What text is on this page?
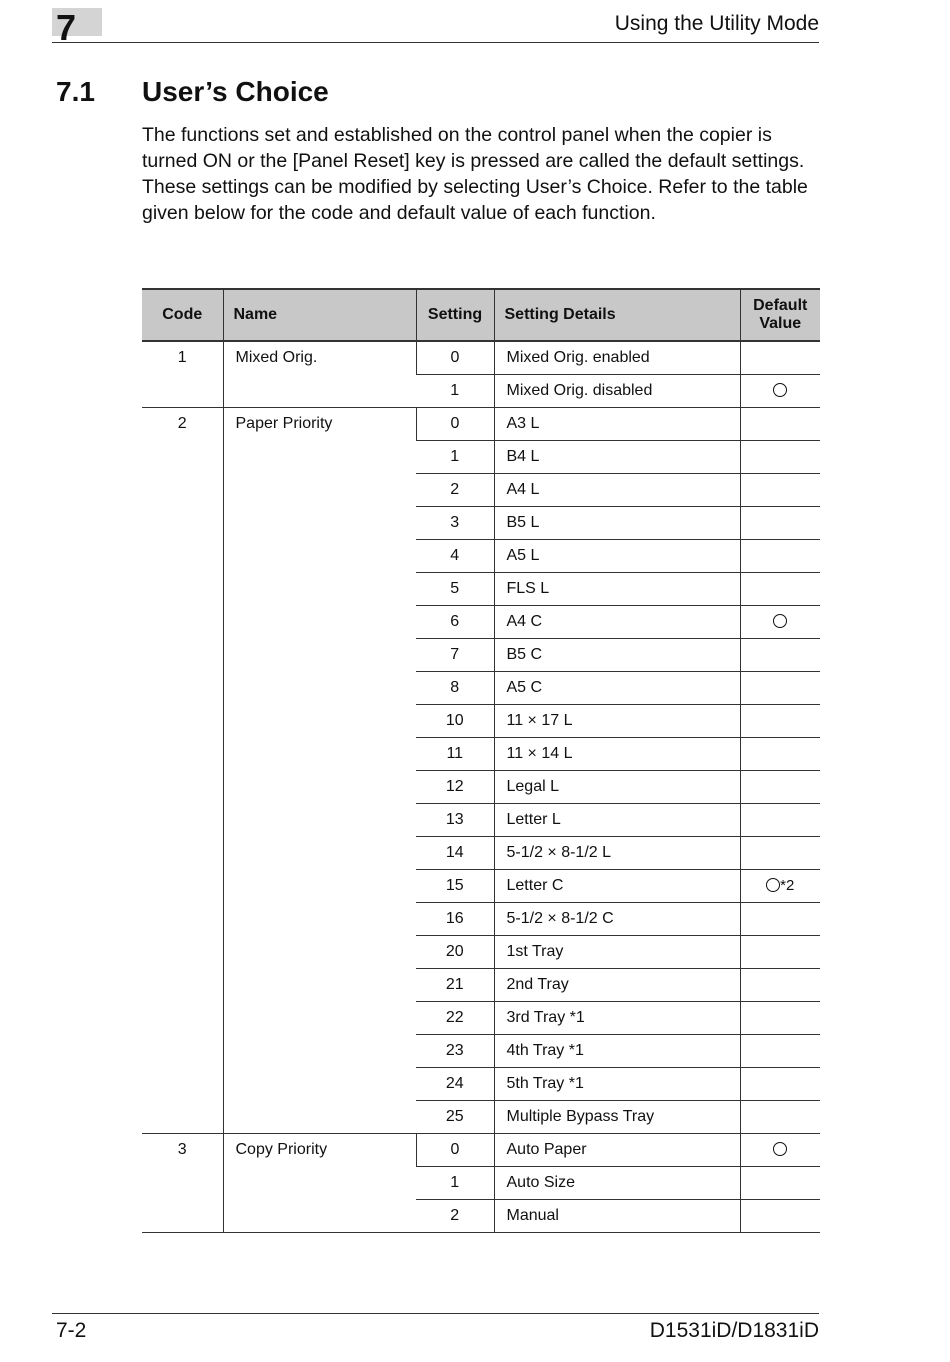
7	Using the Utility Mode
7.1 User’s Choice

The functions set and established on the control panel when the copier is turned ON or the [Panel Reset] key is pressed are called the default settings. These settings can be modified by selecting User’s Choice. Refer to the table given below for the code and default value of each function.

Code	Name	Setting	Setting Details	Default Value
1	Mixed Orig.	0	Mixed Orig. enabled	
		1	Mixed Orig. disabled	
2	Paper Priority	0	A3 L	
		1	B4 L	
		2	A4 L	
		3	B5 L	
		4	A5 L	
		5	FLS L	
		6	A4 C	
		7	B5 C	
		8	A5 C	
		10	11 × 17 L	
		11	11 × 14 L	
		12	Legal L	
		13	Letter L	
		14	5-1/2 × 8-1/2 L	
		15	Letter C	*2
		16	5-1/2 × 8-1/2 C	
		20	1st Tray	
		21	2nd Tray	
		22	3rd Tray *1	
		23	4th Tray *1	
		24	5th Tray *1	
		25	Multiple Bypass Tray	
3	Copy Priority	0	Auto Paper	
		1	Auto Size	
		2	Manual	
7-2	D1531iD/D1831iD
